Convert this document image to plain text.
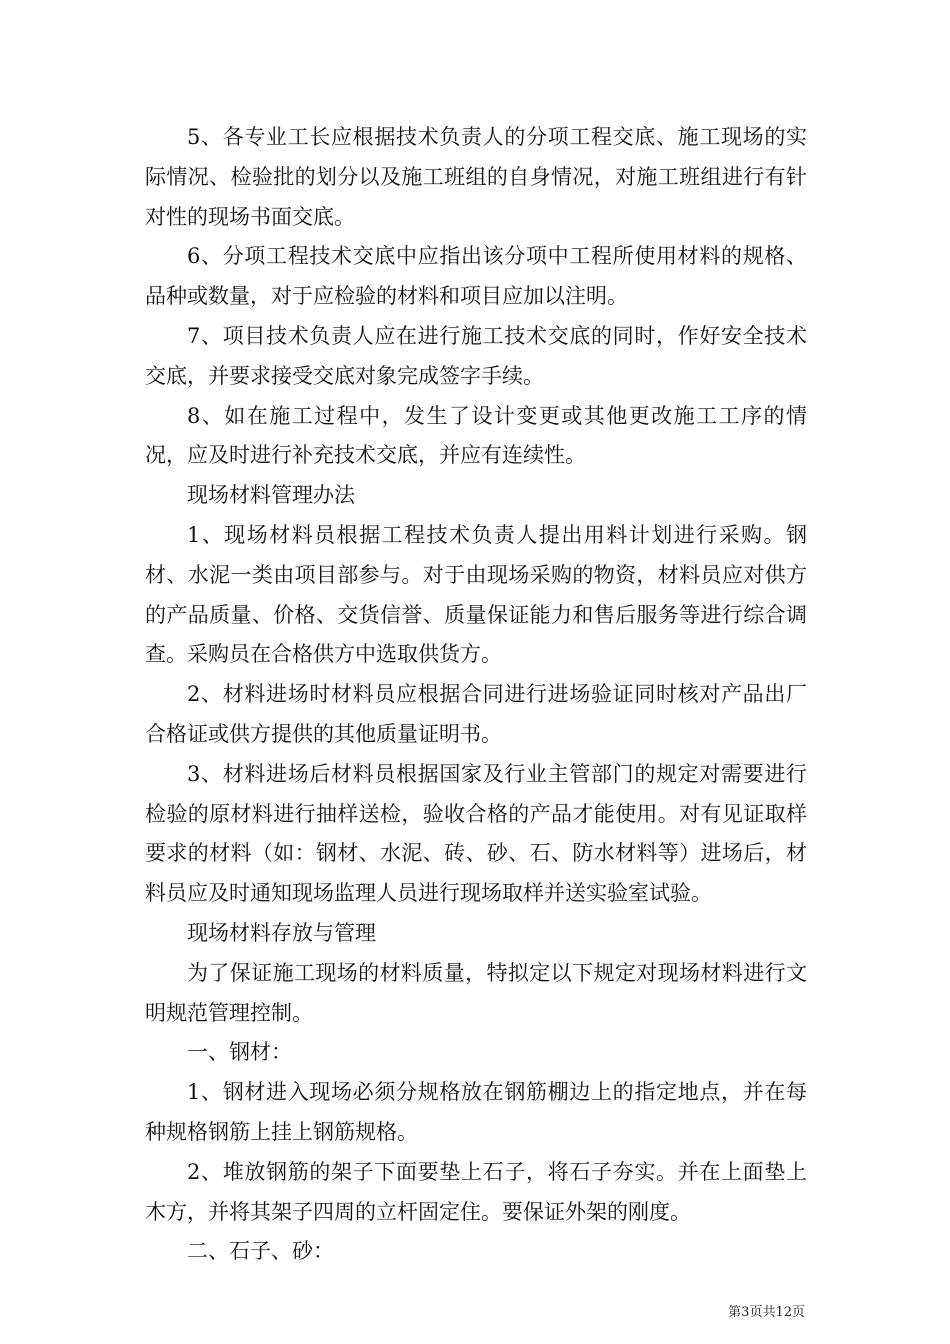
5、各专业工长应根据技术负责人的分项工程交底、施工现场的实际情况、检验批的划分以及施工班组的自身情况，对施工班组进行有针对性的现场书面交底。

6、分项工程技术交底中应指出该分项中工程所使用材料的规格、品种或数量，对于应检验的材料和项目应加以注明。

7、项目技术负责人应在进行施工技术交底的同时，作好安全技术交底，并要求接受交底对象完成签字手续。

8、如在施工过程中，发生了设计变更或其他更改施工工序的情况，应及时进行补充技术交底，并应有连续性。

现场材料管理办法

1、现场材料员根据工程技术负责人提出用料计划进行采购。钢材、水泥一类由项目部参与。对于由现场采购的物资，材料员应对供方的产品质量、价格、交货信誉、质量保证能力和售后服务等进行综合调查。采购员在合格供方中选取供货方。

2、材料进场时材料员应根据合同进行进场验证同时核对产品出厂合格证或供方提供的其他质量证明书。

3、材料进场后材料员根据国家及行业主管部门的规定对需要进行检验的原材料进行抽样送检，验收合格的产品才能使用。对有见证取样要求的材料（如：钢材、水泥、砖、砂、石、防水材料等）进场后，材料员应及时通知现场监理人员进行现场取样并送实验室试验。

现场材料存放与管理

为了保证施工现场的材料质量，特拟定以下规定对现场材料进行文明规范管理控制。

一、钢材：

1、钢材进入现场必须分规格放在钢筋棚边上的指定地点，并在每种规格钢筋上挂上钢筋规格。

2、堆放钢筋的架子下面要垫上石子，将石子夯实。并在上面垫上木方，并将其架子四周的立杆固定住。要保证外架的刚度。

二、石子、砂：

第3页共12页
